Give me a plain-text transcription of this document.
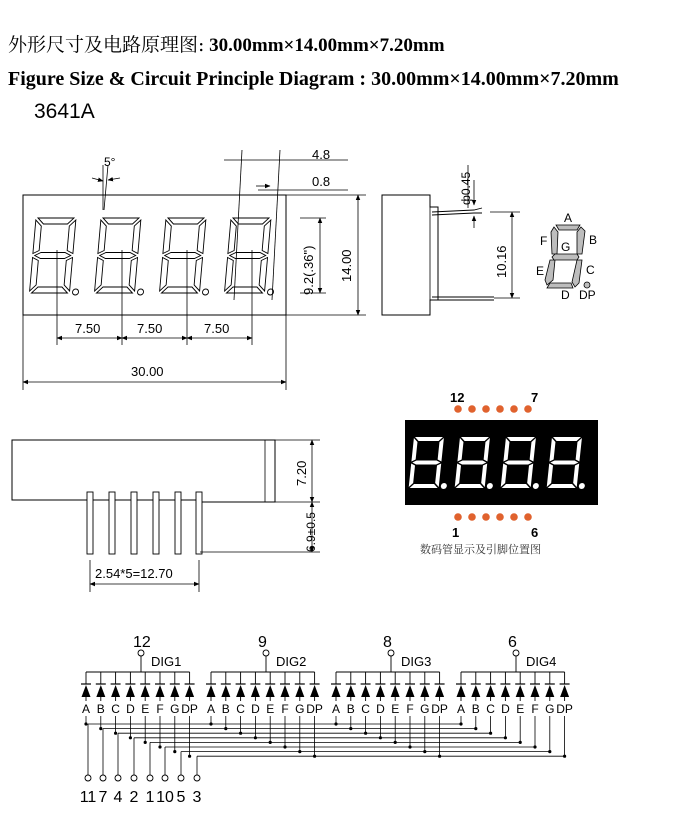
外形尺寸及电路原理图: 30.00mm×14.00mm×7.20mm
Figure Size & Circuit Principle Diagram : 30.00mm×14.00mm×7.20mm
3641A
5°	4.8
0.8
9.2(.36") 14.00
7.50	7.50	7.50
30.00
ф0.45
10.16
A
B
C
D
E
F G
DP
7.20
6.9±0.5
2.54*5=12.70
12	7
1	6
数码管显示及引脚位置图
12
DIG1
A B C D E F G DP
9
DIG2
A B C D E F G DP
8
DIG3
A B C D E F G DP
6
DIG4
A B C D E F G DP
11 7 4 2 1 10 5 3
